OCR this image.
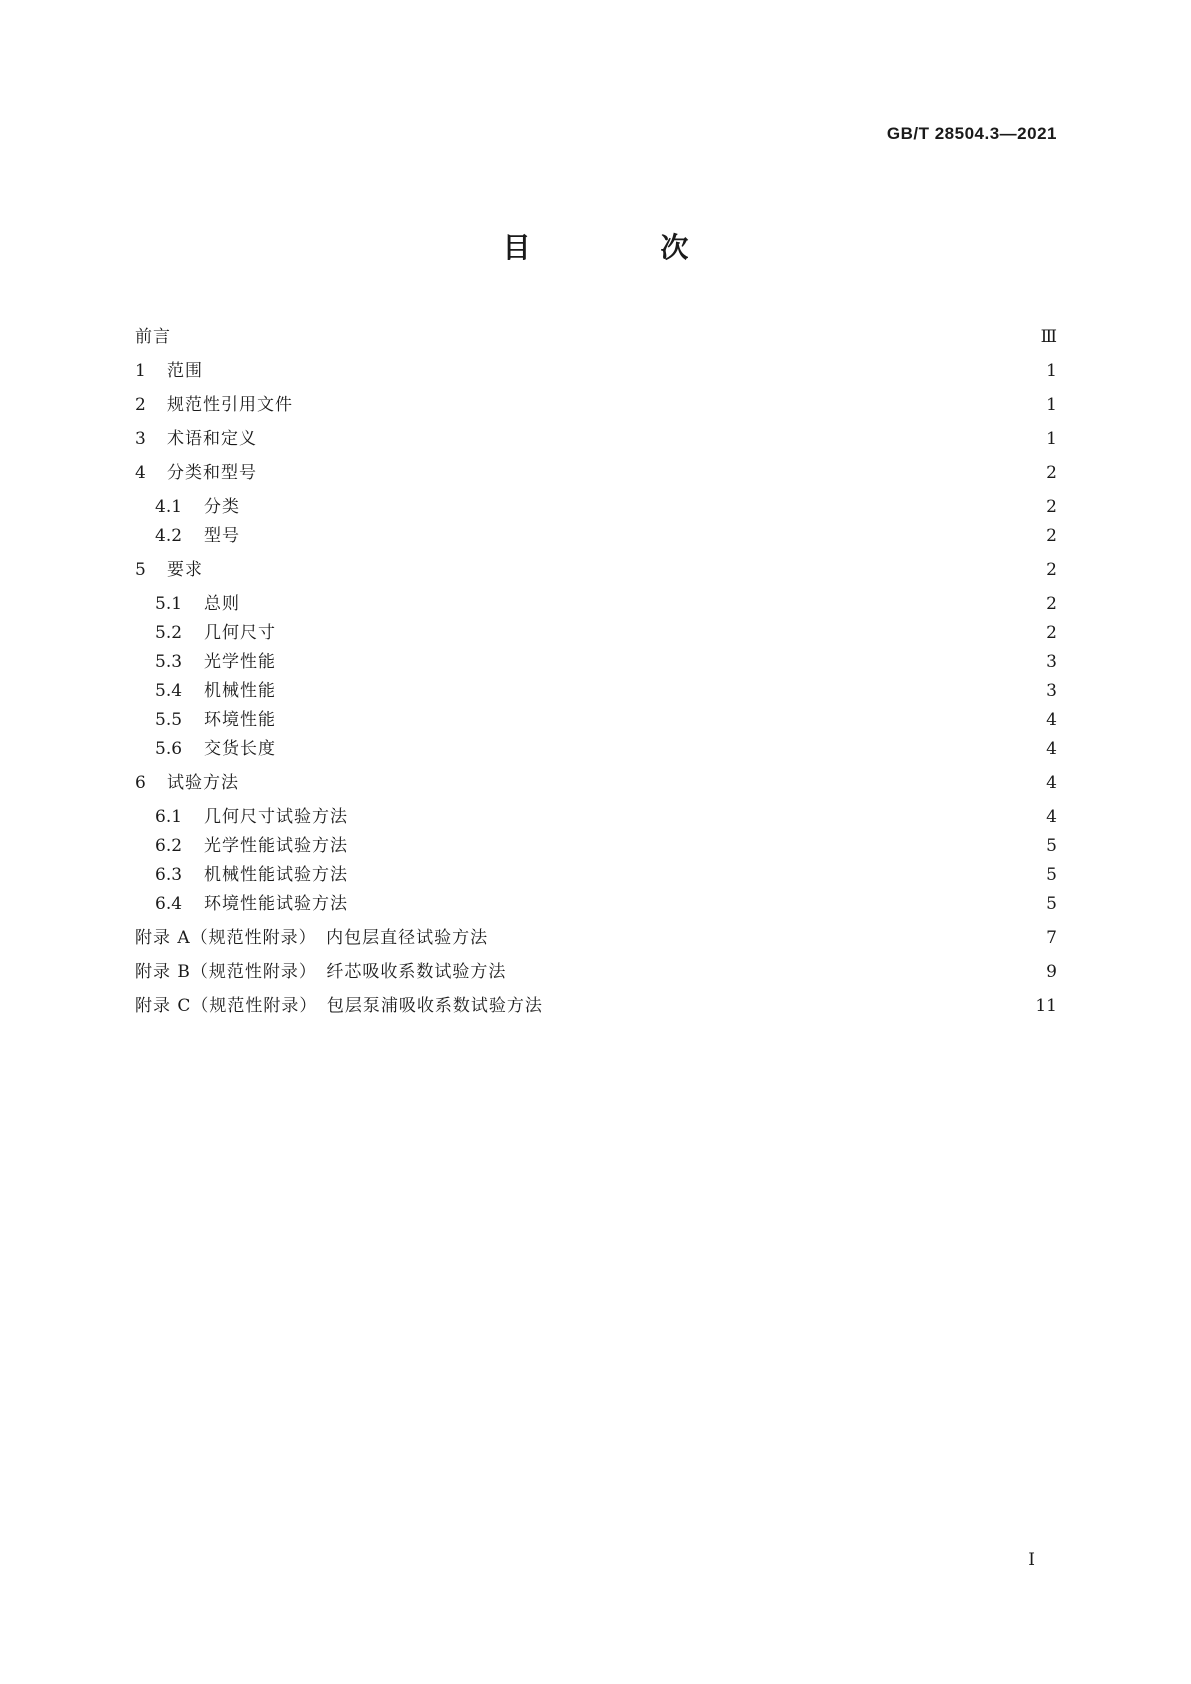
GB/T 28504.3—2021
目 次
前言	Ⅲ
1	范围	1
2	规范性引用文件	1
3	术语和定义	1
4	分类和型号	2
4.1	分类	2
4.2	型号	2
5	要求	2
5.1	总则	2
5.2	几何尺寸	2
5.3	光学性能	3
5.4	机械性能	3
5.5	环境性能	4
5.6	交货长度	4
6	试验方法	4
6.1	几何尺寸试验方法	4
6.2	光学性能试验方法	5
6.3	机械性能试验方法	5
6.4	环境性能试验方法	5
附录 A（规范性附录）　内包层直径试验方法	7
附录 B（规范性附录）　纤芯吸收系数试验方法	9
附录 C（规范性附录）　包层泵浦吸收系数试验方法	11
I
